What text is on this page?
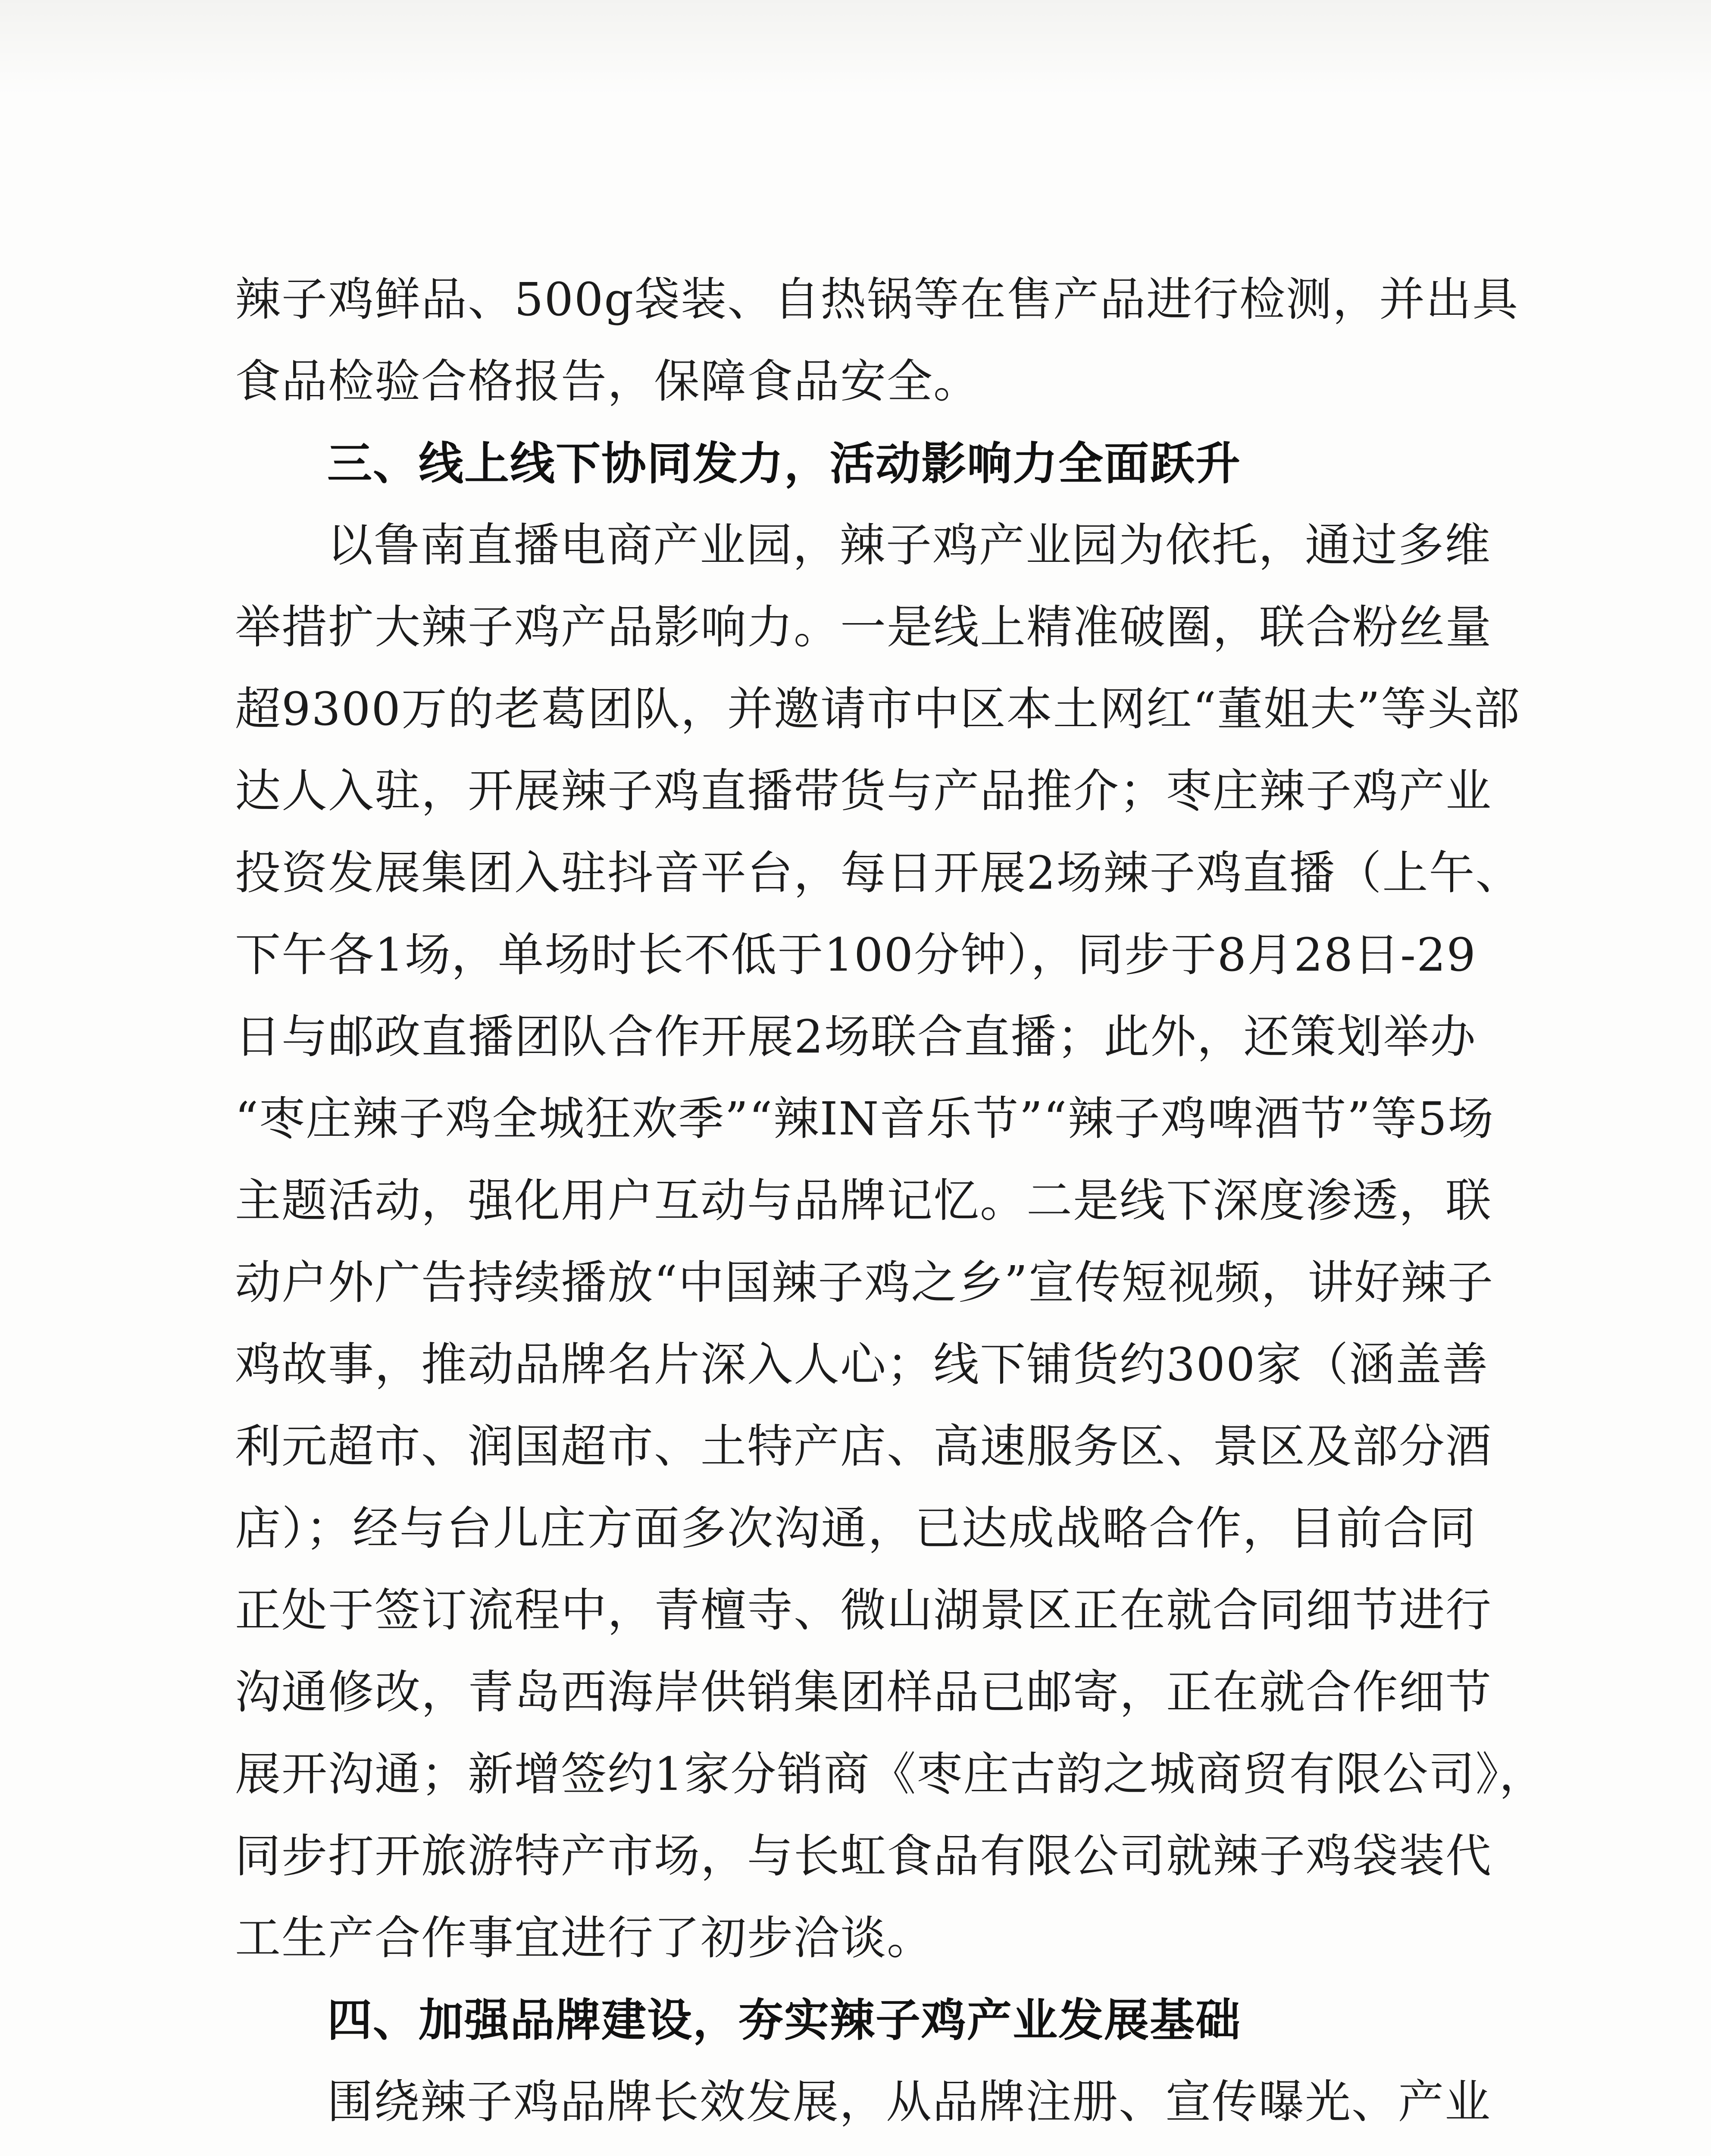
辣子鸡鲜品、500g袋装、自热锅等在售产品进行检测，并出具
食品检验合格报告，保障食品安全。
三、线上线下协同发力，活动影响力全面跃升
以鲁南直播电商产业园，辣子鸡产业园为依托，通过多维
举措扩大辣子鸡产品影响力。一是线上精准破圈，联合粉丝量
超9300万的老葛团队，并邀请市中区本土网红“董姐夫”等头部
达人入驻，开展辣子鸡直播带货与产品推介；枣庄辣子鸡产业
投资发展集团入驻抖音平台，每日开展2场辣子鸡直播（上午、
下午各1场，单场时长不低于100分钟），同步于8月28日-29
日与邮政直播团队合作开展2场联合直播；此外，还策划举办
“枣庄辣子鸡全城狂欢季”“辣IN音乐节”“辣子鸡啤酒节”等5场
主题活动，强化用户互动与品牌记忆。二是线下深度渗透，联
动户外广告持续播放“中国辣子鸡之乡”宣传短视频，讲好辣子
鸡故事，推动品牌名片深入人心；线下铺货约300家（涵盖善
利元超市、润国超市、土特产店、高速服务区、景区及部分酒
店）；经与台儿庄方面多次沟通，已达成战略合作，目前合同
正处于签订流程中，青檀寺、微山湖景区正在就合同细节进行
沟通修改，青岛西海岸供销集团样品已邮寄，正在就合作细节
展开沟通；新增签约1家分销商《枣庄古韵之城商贸有限公司》，
同步打开旅游特产市场，与长虹食品有限公司就辣子鸡袋装代
工生产合作事宜进行了初步洽谈。
四、加强品牌建设，夯实辣子鸡产业发展基础
围绕辣子鸡品牌长效发展，从品牌注册、宣传曝光、产业
